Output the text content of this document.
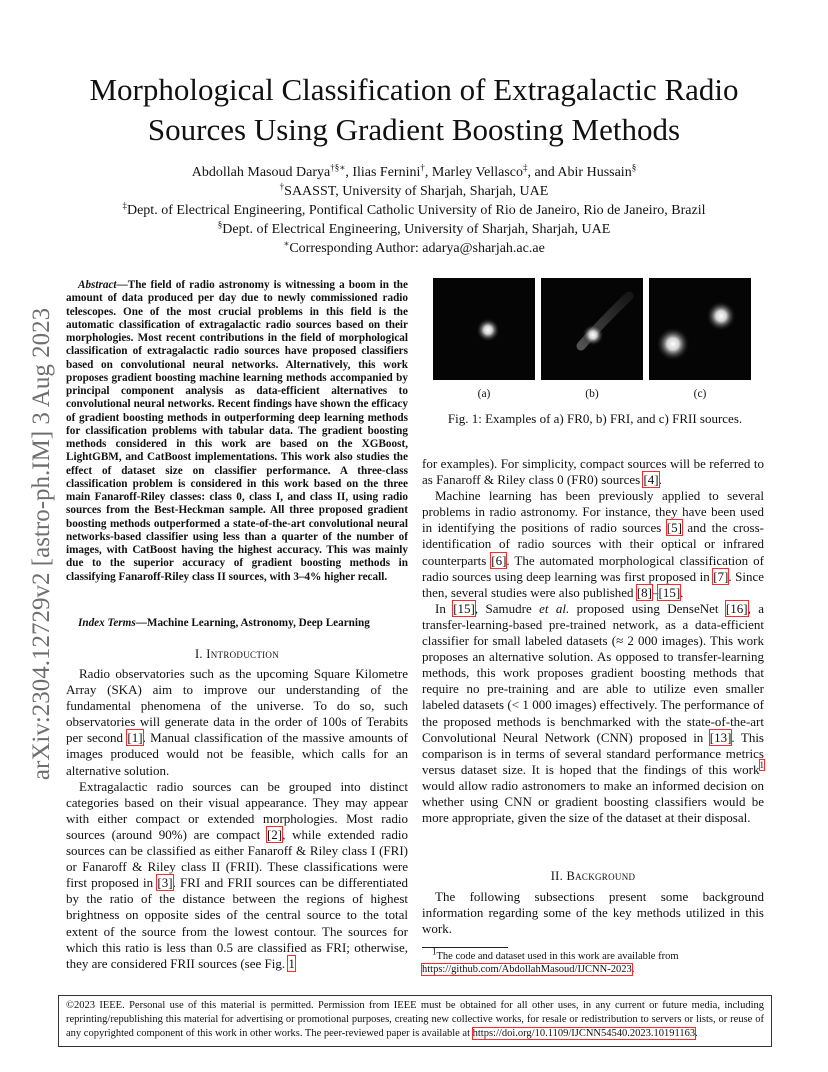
Morphological Classification of Extragalactic Radio
Sources Using Gradient Boosting Methods
Abdollah Masoud Darya†§∗, Ilias Fernini†, Marley Vellasco‡, and Abir Hussain§
†SAASST, University of Sharjah, Sharjah, UAE
‡Dept. of Electrical Engineering, Pontifical Catholic University of Rio de Janeiro, Rio de Janeiro, Brazil
§Dept. of Electrical Engineering, University of Sharjah, Sharjah, UAE
∗Corresponding Author: adarya@sharjah.ac.ae
arXiv:2304.12729v2 [astro-ph.IM] 3 Aug 2023
Abstract—The field of radio astronomy is witnessing a boom in the amount of data produced per day due to newly commissioned radio telescopes. One of the most crucial problems in this field is the automatic classification of extragalactic radio sources based on their morphologies. Most recent contributions in the field of morphological classification of extragalactic radio sources have proposed classifiers based on convolutional neural networks. Alternatively, this work proposes gradient boosting machine learning methods accompanied by principal component analysis as data-efficient alternatives to convolutional neural networks. Recent findings have shown the efficacy of gradient boosting methods in outperforming deep learning methods for classification problems with tabular data. The gradient boosting methods considered in this work are based on the XGBoost, LightGBM, and CatBoost implementations. This work also studies the effect of dataset size on classifier performance. A three-class classification problem is considered in this work based on the three main Fanaroff-Riley classes: class 0, class I, and class II, using radio sources from the Best-Heckman sample. All three proposed gradient boosting methods outperformed a state-of-the-art convolutional neural networks-based classifier using less than a quarter of the number of images, with CatBoost having the highest accuracy. This was mainly due to the superior accuracy of gradient boosting methods in classifying Fanaroff-Riley class II sources, with 3–4% higher recall.
Index Terms—Machine Learning, Astronomy, Deep Learning
I. Introduction

Radio observatories such as the upcoming Square Kilometre Array (SKA) aim to improve our understanding of the fundamental phenomena of the universe. To do so, such observatories will generate data in the order of 100s of Terabits per second [1]. Manual classification of the massive amounts of images produced would not be feasible, which calls for an alternative solution.

Extragalactic radio sources can be grouped into distinct categories based on their visual appearance. They may appear with either compact or extended morphologies. Most radio sources (around 90%) are compact [2], while extended radio sources can be classified as either Fanaroff & Riley class I (FRI) or Fanaroff & Riley class II (FRII). These classifications were first proposed in [3]. FRI and FRII sources can be differentiated by the ratio of the distance between the regions of highest brightness on opposite sides of the central source to the total extent of the source from the lowest contour. The sources for which this ratio is less than 0.5 are classified as FRI; otherwise, they are considered FRII sources (see Fig. 1

(a)	(b)	(c)
Fig. 1: Examples of a) FR0, b) FRI, and c) FRII sources.

for examples). For simplicity, compact sources will be referred to as Fanaroff & Riley class 0 (FR0) sources [4].

Machine learning has been previously applied to several problems in radio astronomy. For instance, they have been used in identifying the positions of radio sources [5] and the cross-identification of radio sources with their optical or infrared counterparts [6]. The automated morphological classification of radio sources using deep learning was first proposed in [7]. Since then, several studies were also published [8]–[15].

In [15], Samudre et al. proposed using DenseNet [16], a transfer-learning-based pre-trained network, as a data-efficient classifier for small labeled datasets (≈ 2 000 images). This work proposes an alternative solution. As opposed to transfer-learning methods, this work proposes gradient boosting methods that require no pre-training and are able to utilize even smaller labeled datasets (< 1 000 images) effectively. The performance of the proposed methods is benchmarked with the state-of-the-art Convolutional Neural Network (CNN) proposed in [13]. This comparison is in terms of several standard performance metrics versus dataset size. It is hoped that the findings of this work$^1$ would allow radio astronomers to make an informed decision on whether using CNN or gradient boosting classifiers would be more appropriate, given the size of the dataset at their disposal.

II. Background

The following subsections present some background information regarding some of the key methods utilized in this work.

$^1$The code and dataset used in this work are available from
https://github.com/AbdollahMasoud/IJCNN-2023.
©2023 IEEE. Personal use of this material is permitted. Permission from IEEE must be obtained for all other uses, in any current or future media, including reprinting/republishing this material for advertising or promotional purposes, creating new collective works, for resale or redistribution to servers or lists, or reuse of any copyrighted component of this work in other works. The peer-reviewed paper is available at https://doi.org/10.1109/IJCNN54540.2023.10191163.
